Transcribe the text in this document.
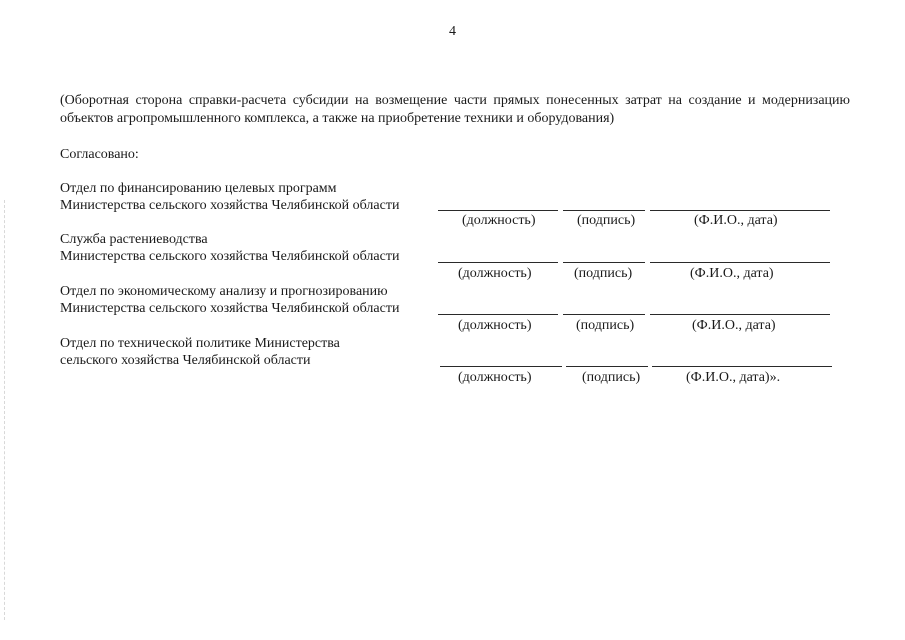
4
(Оборотная сторона справки-расчета субсидии на возмещение части прямых понесенных затрат на создание и модернизацию объектов агропромышленного комплекса, а также на приобретение техники и оборудования)
Согласовано:
Отдел по финансированию целевых программ
Министерства сельского хозяйства Челябинской области
(должность)	(подпись)	(Ф.И.О., дата)
Служба растениеводства
Министерства сельского хозяйства Челябинской области
(должность)	(подпись)	(Ф.И.О., дата)
Отдел по экономическому анализу и прогнозированию
Министерства сельского хозяйства Челябинской области
(должность)	(подпись)	(Ф.И.О., дата)
Отдел по технической политике Министерства
сельского хозяйства Челябинской области
(должность)	(подпись)	(Ф.И.О., дата)».
